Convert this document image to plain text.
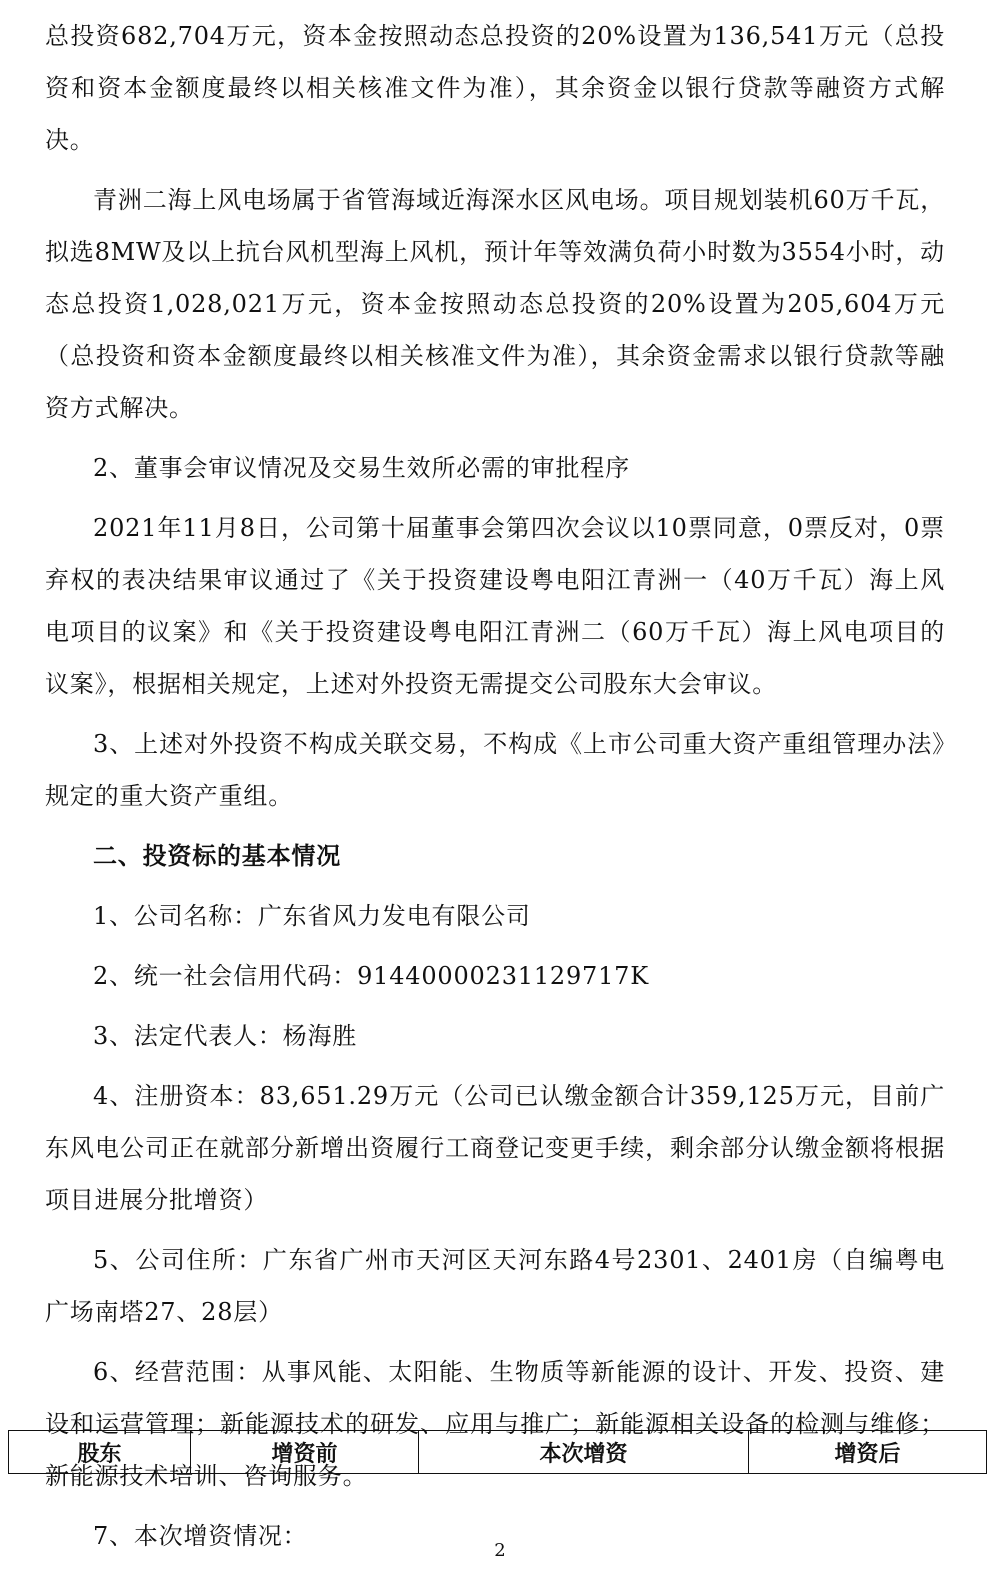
总投资682,704万元，资本金按照动态总投资的20%设置为136,541万元（总投资和资本金额度最终以相关核准文件为准），其余资金以银行贷款等融资方式解决。

青洲二海上风电场属于省管海域近海深水区风电场。项目规划装机60万千瓦，拟选8MW及以上抗台风机型海上风机，预计年等效满负荷小时数为3554小时，动态总投资1,028,021万元，资本金按照动态总投资的20%设置为205,604万元（总投资和资本金额度最终以相关核准文件为准），其余资金需求以银行贷款等融资方式解决。

2、董事会审议情况及交易生效所必需的审批程序

2021年11月8日，公司第十届董事会第四次会议以10票同意，0票反对，0票弃权的表决结果审议通过了《关于投资建设粤电阳江青洲一（40万千瓦）海上风电项目的议案》和《关于投资建设粤电阳江青洲二（60万千瓦）海上风电项目的议案》，根据相关规定，上述对外投资无需提交公司股东大会审议。

3、上述对外投资不构成关联交易，不构成《上市公司重大资产重组管理办法》规定的重大资产重组。

二、投资标的基本情况

1、公司名称：广东省风力发电有限公司

2、统一社会信用代码：91440000231129717K

3、法定代表人：杨海胜

4、注册资本：83,651.29万元（公司已认缴金额合计359,125万元，目前广东风电公司正在就部分新增出资履行工商登记变更手续，剩余部分认缴金额将根据项目进展分批增资）

5、公司住所：广东省广州市天河区天河东路4号2301、2401房（自编粤电广场南塔27、28层）

6、经营范围：从事风能、太阳能、生物质等新能源的设计、开发、投资、建设和运营管理；新能源技术的研发、应用与推广；新能源相关设备的检测与维修；新能源技术培训、咨询服务。

7、本次增资情况：

股东	增资前	本次增资	增资后
2
